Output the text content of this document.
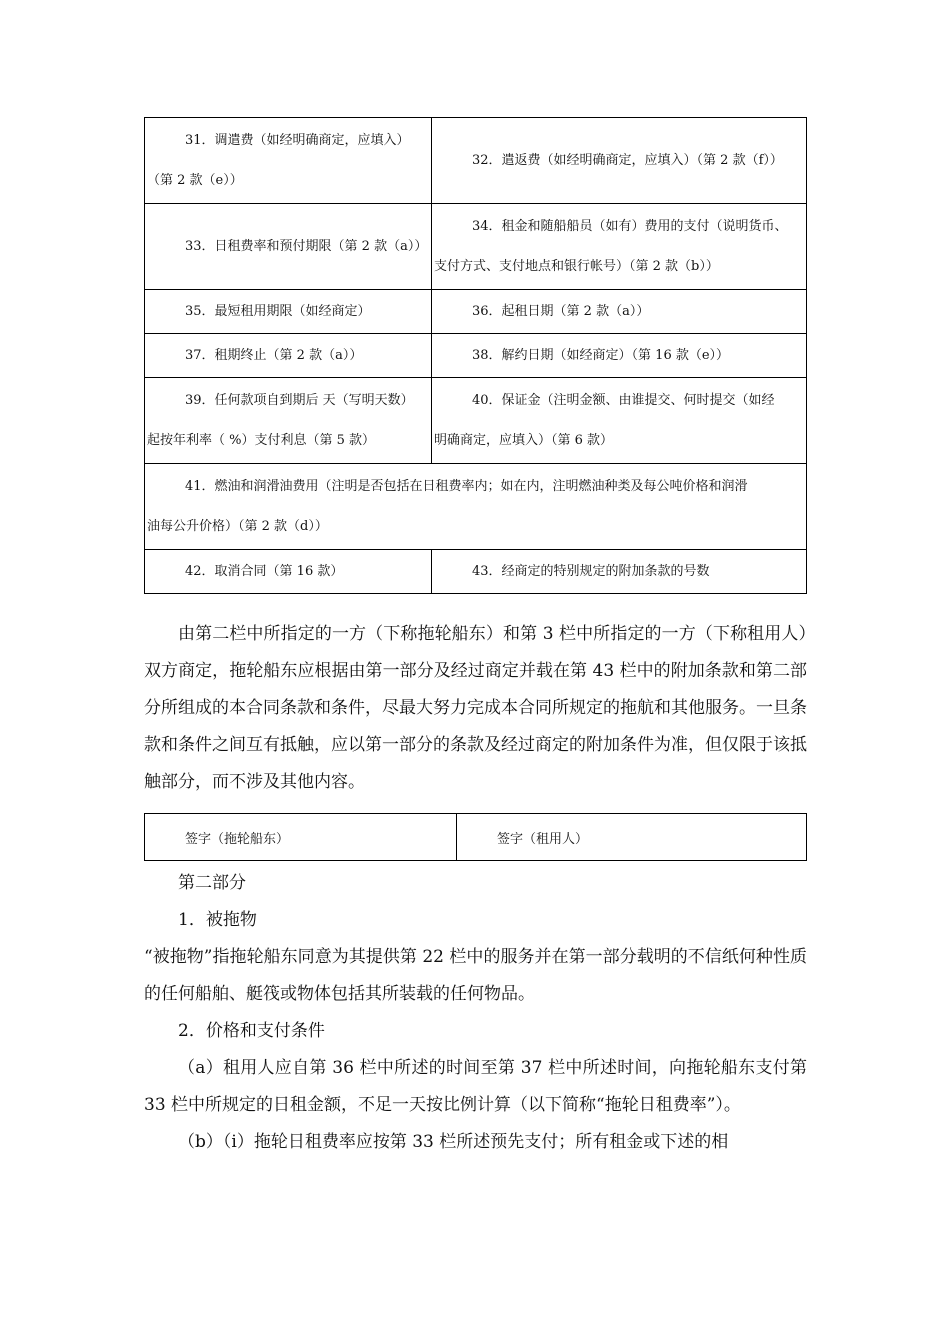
31．调遣费（如经明确商定，应填入）
（第 2 款（e））	32．遣返费（如经明确商定，应填入）（第 2 款（f））
33．日租费率和预付期限（第 2 款（a））	34．租金和随船船员（如有）费用的支付（说明货币、
支付方式、支付地点和银行帐号）（第 2 款（b））
35．最短租用期限（如经商定）	36．起租日期（第 2 款（a））
37．租期终止（第 2 款（a））	38．解约日期（如经商定）（第 16 款（e））
39．任何款项自到期后 天（写明天数）
起按年利率（ %）支付利息（第 5 款）	40．保证金（注明金额、由谁提交、何时提交（如经
明确商定，应填入）（第 6 款）
41．燃油和润滑油费用（注明是否包括在日租费率内；如在内，注明燃油种类及每公吨价格和润滑
油每公升价格）（第 2 款（d））	
42．取消合同（第 16 款）	43．经商定的特别规定的附加条款的号数

由第二栏中所指定的一方（下称拖轮船东）和第 3 栏中所指定的一方（下称租用人）双方商定，拖轮船东应根据由第一部分及经过商定并载在第 43 栏中的附加条款和第二部分所组成的本合同条款和条件，尽最大努力完成本合同所规定的拖航和其他服务。一旦条款和条件之间互有抵触，应以第一部分的条款及经过商定的附加条件为准，但仅限于该抵触部分，而不涉及其他内容。

签字（拖轮船东）	签字（租用人）

第二部分

1．被拖物

“被拖物”指拖轮船东同意为其提供第 22 栏中的服务并在第一部分载明的不信纸何种性质的任何船舶、艇筏或物体包括其所装载的任何物品。

2．价格和支付条件

（a）租用人应自第 36 栏中所述的时间至第 37 栏中所述时间，向拖轮船东支付第 33 栏中所规定的日租金额，不足一天按比例计算（以下简称“拖轮日租费率”）。

（b）（i）拖轮日租费率应按第 33 栏所述预先支付；所有租金或下述的相
